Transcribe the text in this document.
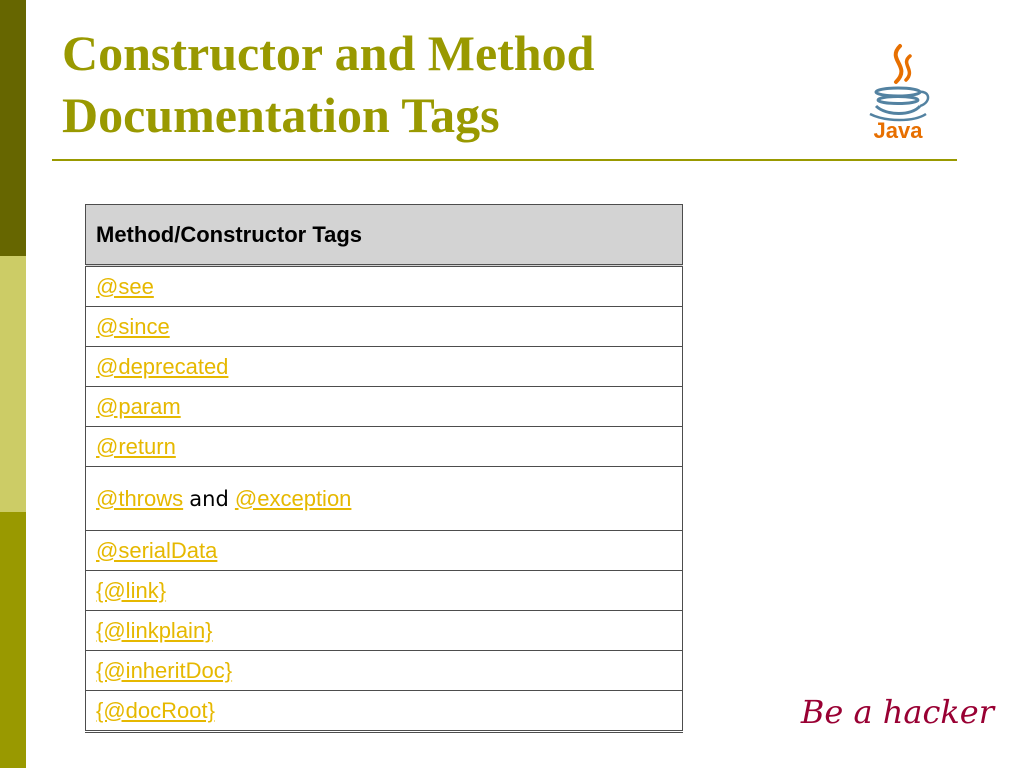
Constructor and Method
Documentation Tags	Java
Method/Constructor Tags
@see
@since
@deprecated
@param
@return
@throws and @exception
@serialData
{@link}
{@linkplain}
{@inheritDoc}
{@docRoot}	Be a hacker
